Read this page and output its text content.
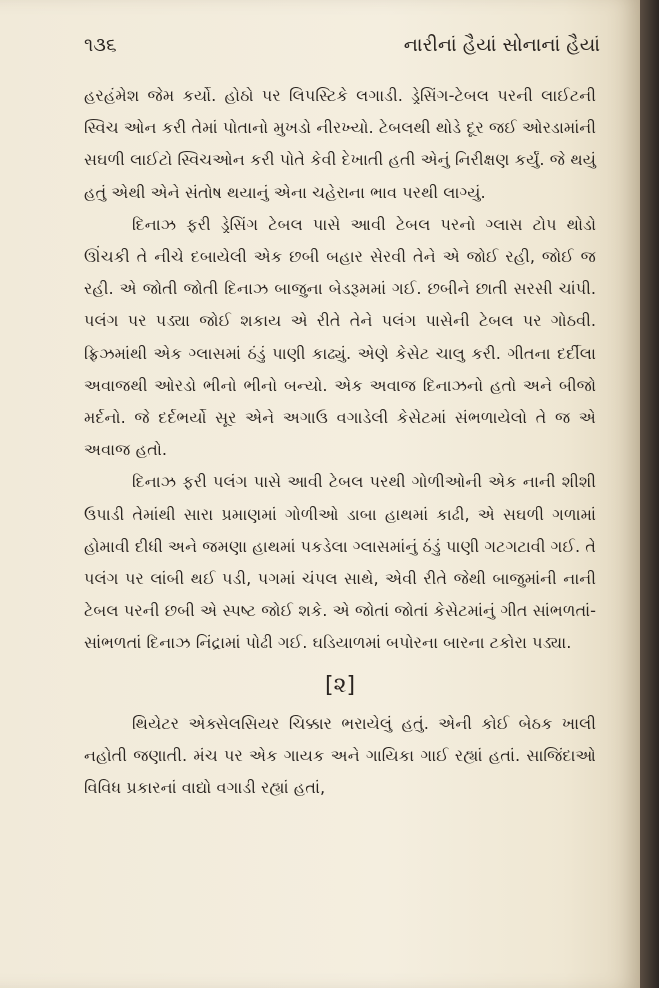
૧૩૬	નારીનાં હૈયાં સોનાનાં હૈયાં

હરહંમેશ જેમ કર્યો. હોઠો પર લિપસ્ટિકે લગાડી. ડ્રેસિંગ-ટેબલ પરની લાઈટની સ્વિચ ઓન કરી તેમાં પોતાનો મુખડો નીરખ્યો. ટેબલથી થોડે દૂર જઈ ઓરડામાંની સઘળી લાઈટો સ્વિચઓન કરી પોતે કેવી દેખાતી હતી એનું નિરીક્ષણ કર્યું. જે થયું હતું એથી એને સંતોષ થયાનું એના ચહેરાના ભાવ પરથી લાગ્યું.

દિનાઝ ફરી ડ્રેસિંગ ટેબલ પાસે આવી ટેબલ પરનો ગ્લાસ ટોપ થોડો ઊંચકી તે નીચે દબાયેલી એક છબી બહાર સેરવી તેને એ જોઈ રહી, જોઈ જ રહી. એ જોતી જોતી દિનાઝ બાજુના બેડરૂમમાં ગઈ. છબીને છાતી સરસી ચાંપી. પલંગ પર પડ્યા જોઈ શકાય એ રીતે તેને પલંગ પાસેની ટેબલ પર ગોઠવી. ફ્રિઝમાંથી એક ગ્લાસમાં ઠંડું પાણી કાઢ્યું. એણે કેસેટ ચાલુ કરી. ગીતના દર્દીલા અવાજથી ઓરડો ભીનો ભીનો બન્યો. એક અવાજ દિનાઝનો હતો અને બીજો મર્દનો. જે દર્દભર્યો સૂર એને અગાઉ વગાડેલી કેસેટમાં સંભળાયેલો તે જ એ અવાજ હતો.

દિનાઝ ફરી પલંગ પાસે આવી ટેબલ પરથી ગોળીઓની એક નાની શીશી ઉપાડી તેમાંથી સારા પ્રમાણમાં ગોળીઓ ડાબા હાથમાં કાઢી, એ સઘળી ગળામાં હોમાવી દીધી અને જમણા હાથમાં પકડેલા ગ્લાસમાંનું ઠંડું પાણી ગટગટાવી ગઈ. તે પલંગ પર લાંબી થઈ પડી, પગમાં ચંપલ સાથે, એવી રીતે જેથી બાજુમાંની નાની ટેબલ પરની છબી એ સ્પષ્ટ જોઈ શકે. એ જોતાં જોતાં કેસેટમાંનું ગીત સાંભળતાં-સાંભળતાં દિનાઝ નિંદ્રામાં પોઢી ગઈ. ઘડિયાળમાં બપોરના બારના ટકોરા પડ્યા.

[૨]

થિયેટર એક્સેલસિયર ચિક્કાર ભરાયેલું હતું. એની કોઈ બેઠક ખાલી નહોતી જણાતી. મંચ પર એક ગાયક અને ગાયિકા ગાઈ રહ્યાં હતાં. સાજિંદાઓ વિવિધ પ્રકારનાં વાદ્યો વગાડી રહ્યાં હતાં,
